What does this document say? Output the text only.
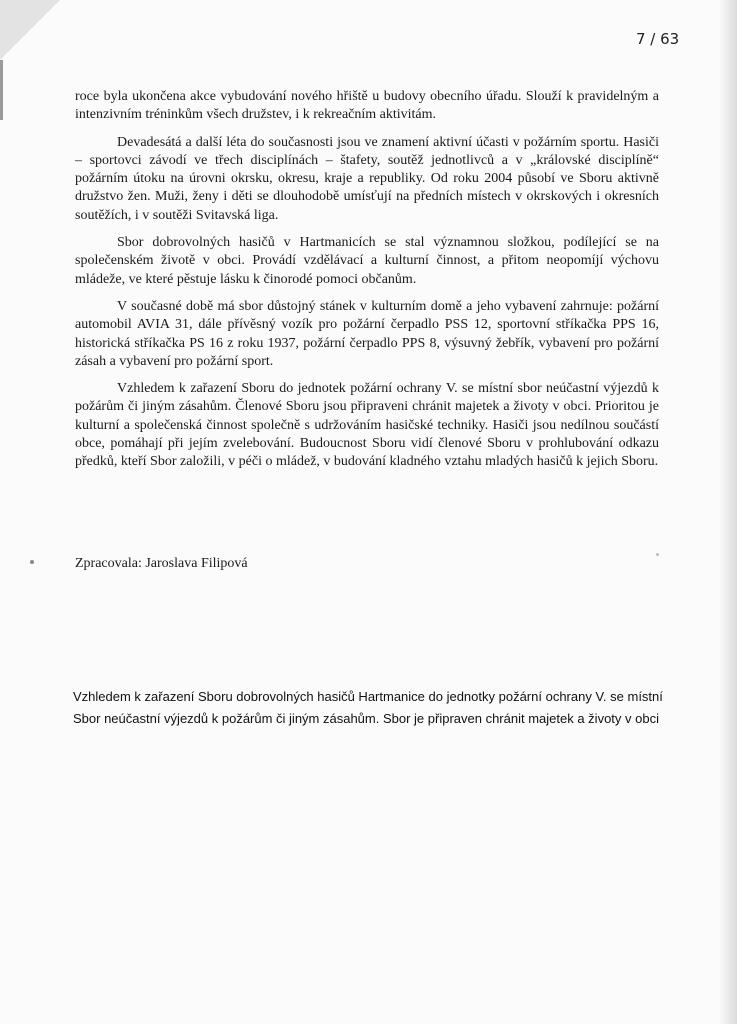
7 / 63

roce byla ukončena akce vybudování nového hřiště u budovy obecního úřadu. Slouží k pravidelným a intenzivním tréninkům všech družstev, i k rekreačním aktivitám.

Devadesátá a další léta do současnosti jsou ve znamení aktivní účasti v požárním sportu. Hasiči – sportovci závodí ve třech disciplínách – štafety, soutěž jednotlivců a v „královské disciplíně“ požárním útoku na úrovni okrsku, okresu, kraje a republiky. Od roku 2004 působí ve Sboru aktivně družstvo žen. Muži, ženy i děti se dlouhodobě umísťují na předních místech v okrskových i okresních soutěžích, i v soutěži Svitavská liga.

Sbor dobrovolných hasičů v Hartmanicích se stal významnou složkou, podílející se na společenském životě v obci. Provádí vzdělávací a kulturní činnost, a přitom neopomíjí výchovu mládeže, ve které pěstuje lásku k činorodé pomoci občanům.

V současné době má sbor důstojný stánek v kulturním domě a jeho vybavení zahrnuje: požární automobil AVIA 31, dále přívěsný vozík pro požární čerpadlo PSS 12, sportovní stříkačka PPS 16, historická stříkačka PS 16 z roku 1937, požární čerpadlo PPS 8, výsuvný žebřík, vybavení pro požární zásah a vybavení pro požární sport.

Vzhledem k zařazení Sboru do jednotek požární ochrany V. se místní sbor neúčastní výjezdů k požárům či jiným zásahům. Členové Sboru jsou připraveni chránit majetek a životy v obci. Prioritou je kulturní a společenská činnost společně s udržováním hasičské techniky. Hasiči jsou nedílnou součástí obce, pomáhají při jejím zvelebování. Budoucnost Sboru vidí členové Sboru v prohlubování odkazu předků, kteří Sbor založili, v péči o mládež, v budování kladného vztahu mladých hasičů k jejich Sboru.

Zpracovala: Jaroslava Filipová
Vzhledem k zařazení Sboru dobrovolných hasičů Hartmanice do jednotky požární ochrany V. se místní Sbor neúčastní výjezdů k požárům či jiným zásahům. Sbor je připraven chránit majetek a životy v obci
